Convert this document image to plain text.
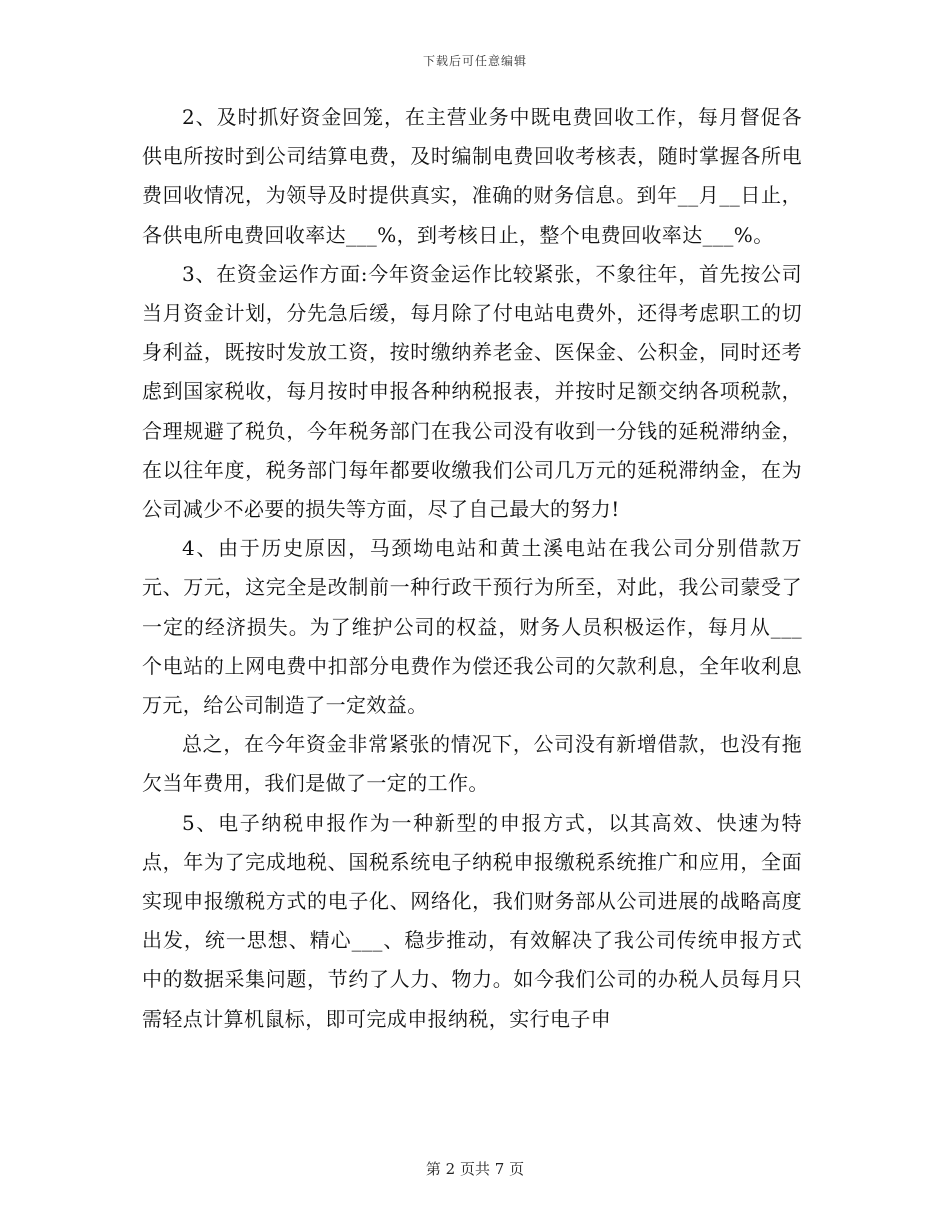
下载后可任意编辑

2、及时抓好资金回笼，在主营业务中既电费回收工作，每月督促各供电所按时到公司结算电费，及时编制电费回收考核表，随时掌握各所电费回收情况，为领导及时提供真实，准确的财务信息。到年__月__日止，各供电所电费回收率达___%，到考核日止，整个电费回收率达___%。

3、在资金运作方面:今年资金运作比较紧张，不象往年，首先按公司当月资金计划，分先急后缓，每月除了付电站电费外，还得考虑职工的切身利益，既按时发放工资，按时缴纳养老金、医保金、公积金，同时还考虑到国家税收，每月按时申报各种纳税报表，并按时足额交纳各项税款，合理规避了税负，今年税务部门在我公司没有收到一分钱的延税滞纳金，在以往年度，税务部门每年都要收缴我们公司几万元的延税滞纳金，在为公司减少不必要的损失等方面，尽了自己最大的努力!

4、由于历史原因，马颈坳电站和黄土溪电站在我公司分别借款万元、万元，这完全是改制前一种行政干预行为所至，对此，我公司蒙受了一定的经济损失。为了维护公司的权益，财务人员积极运作，每月从___个电站的上网电费中扣部分电费作为偿还我公司的欠款利息，全年收利息万元，给公司制造了一定效益。

总之，在今年资金非常紧张的情况下，公司没有新增借款，也没有拖欠当年费用，我们是做了一定的工作。

5、电子纳税申报作为一种新型的申报方式，以其高效、快速为特点，年为了完成地税、国税系统电子纳税申报缴税系统推广和应用，全面实现申报缴税方式的电子化、网络化，我们财务部从公司进展的战略高度出发，统一思想、精心___、稳步推动，有效解决了我公司传统申报方式中的数据采集问题，节约了人力、物力。如今我们公司的办税人员每月只需轻点计算机鼠标，即可完成申报纳税，实行电子申

第 2 页共 7 页
